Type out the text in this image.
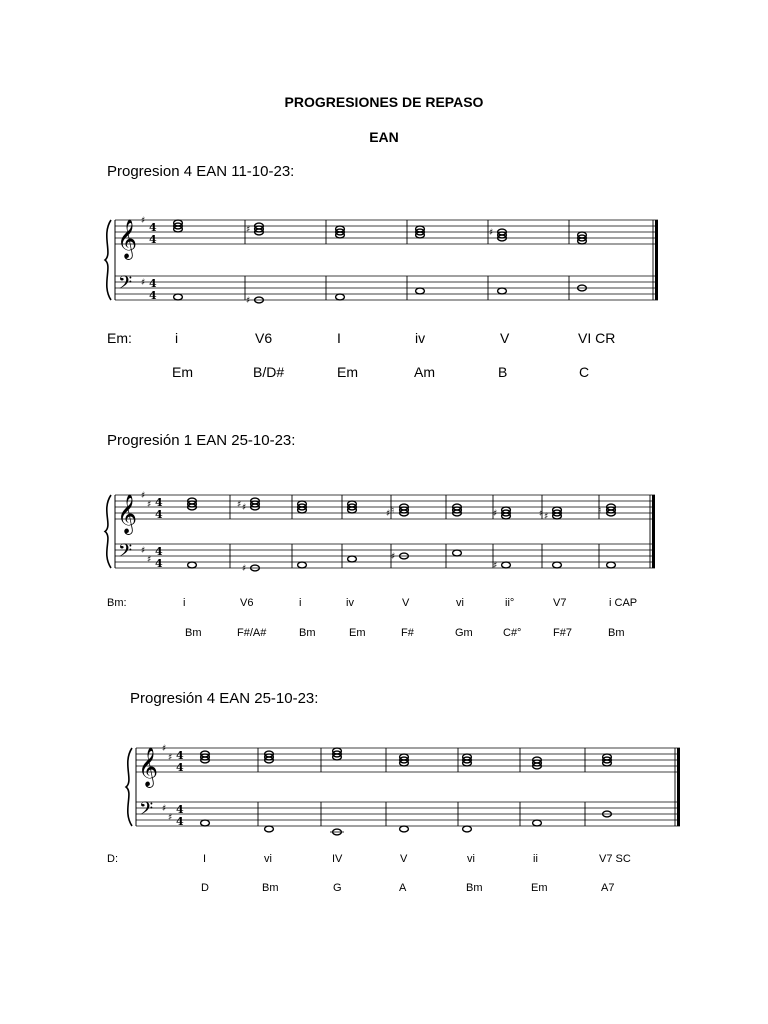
PROGRESIONES DE REPASO
EAN
Progresion 4 EAN 11-10-23:
𝄞
𝄢
♯
♯
4
4
4
4
♯
♯
♯
Em:	i	V6	I	iv	V	VI CR
Em	B/D#	Em	Am	B	C
Progresión 1 EAN 25-10-23:
𝄞
𝄢
♯
♯
♯
♯
4
4
4
4
♯
♯
♯
♮
♯
♯
♯
♯
♯
♯	♮
Bm:	i	V6	i	iv	V	vi	ii°	V7	i CAP
Bm	F#/A#	Bm	Em	F#	Gm	C#°	F#7	Bm
Progresión 4 EAN 25-10-23:
𝄞
𝄢
♯
♯
♯
♯
4
4
4
4
D:	I	vi	IV	V	vi	ii	V7 SC
D	Bm	G	A	Bm	Em	A7
